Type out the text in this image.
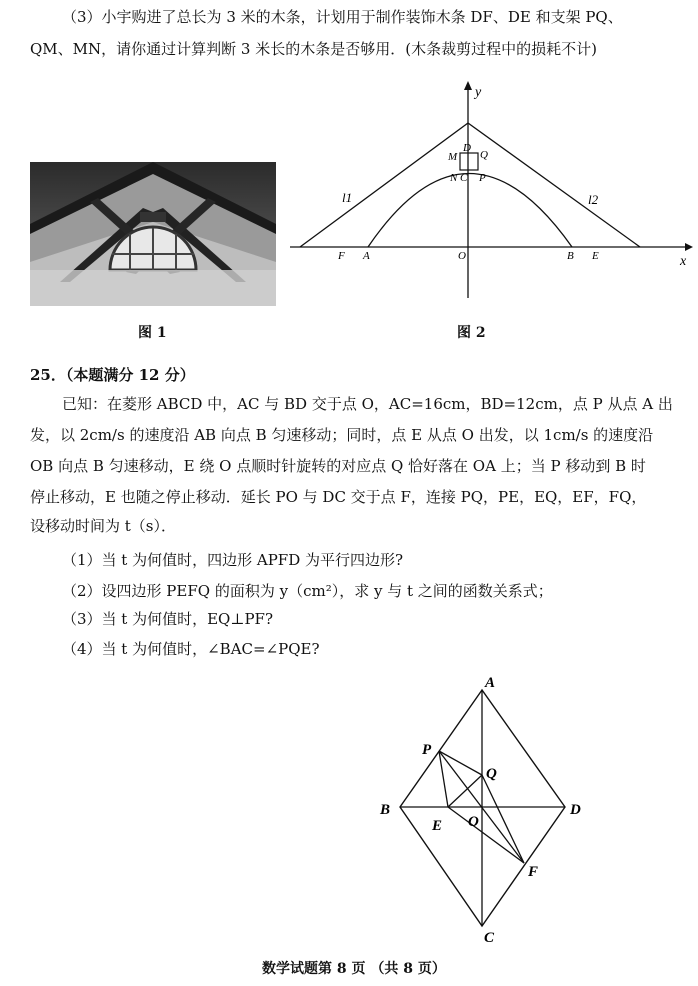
（3）小宇购进了总长为 3 米的木条，计划用于制作装饰木条 DF、DE 和支架 PQ、
QM、MN，请你通过计算判断 3 米长的木条是否够用．(木条裁剪过程中的损耗不计)
图 1
y
x
D
Q
M
N C P
l1	l2
F A	O	B E
图 2
25．（本题满分 12 分）
已知：在菱形 ABCD 中，AC 与 BD 交于点 O，AC=16cm，BD=12cm，点 P 从点 A 出
发，以 2cm/s 的速度沿 AB 向点 B 匀速移动；同时，点 E 从点 O 出发，以 1cm/s 的速度沿
OB 向点 B 匀速移动，E 绕 O 点顺时针旋转的对应点 Q 恰好落在 OA 上；当 P 移动到 B 时
停止移动，E 也随之停止移动．延长 PO 与 DC 交于点 F，连接 PQ，PE，EQ，EF，FQ，
设移动时间为 t（s）．
（1）当 t 为何值时，四边形 APFD 为平行四边形?
（2）设四边形 PEFQ 的面积为 y（cm²），求 y 与 t 之间的函数关系式；
（3）当 t 为何值时，EQ⊥PF?
（4）当 t 为何值时，∠BAC=∠PQE?
A
P
Q
B
E O
D
F
C
数学试题第 8 页 （共 8 页）
